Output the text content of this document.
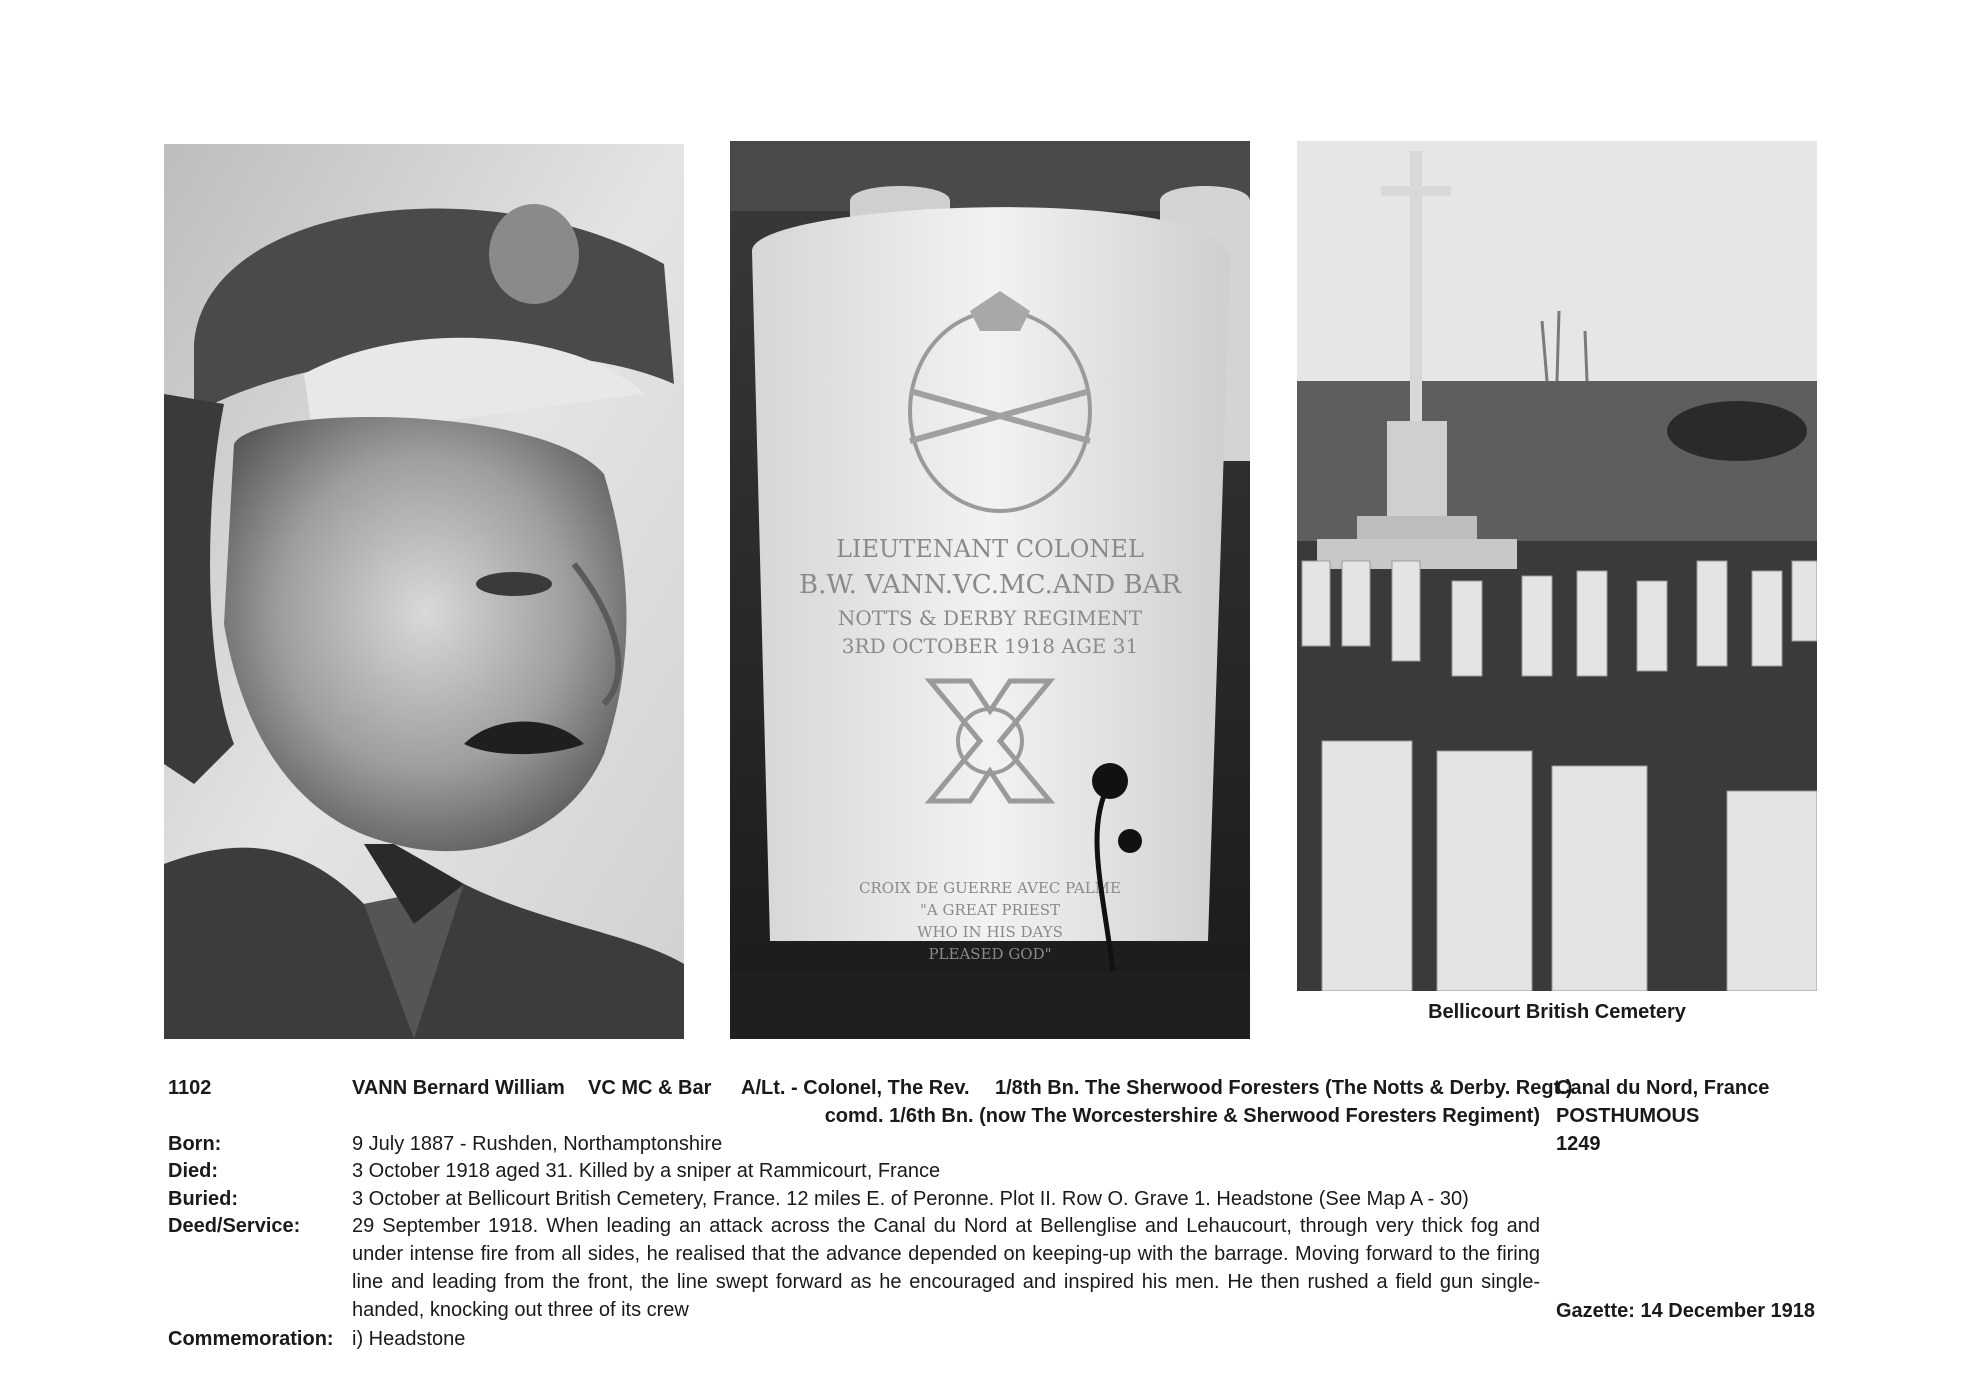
LIEUTENANT COLONEL
B.W. VANN.VC.MC.AND BAR
NOTTS & DERBY REGIMENT
3RD OCTOBER 1918 AGE 31
CROIX DE GUERRE AVEC PALME
"A GREAT PRIEST
WHO IN HIS DAYS
PLEASED GOD"
Bellicourt British Cemetery
1102	VANN Bernard William VC MC & Bar A/Lt. - Colonel, The Rev. 1/8th Bn. The Sherwood Foresters (The Notts & Derby. Regt.)
comd. 1/6th Bn. (now The Worcestershire & Sherwood Foresters Regiment)
Canal du Nord, France
POSTHUMOUS
1249
Born:
Died:
Buried:
Deed/Service:
Commemoration:
9 July 1887 - Rushden, Northamptonshire
3 October 1918 aged 31. Killed by a sniper at Rammicourt, France
3 October at Bellicourt British Cemetery, France. 12 miles E. of Peronne. Plot II. Row O. Grave 1. Headstone (See Map A - 30)
29 September 1918. When leading an attack across the Canal du Nord at Bellenglise and Lehaucourt, through very thick fog and under intense fire from all sides, he realised that the advance depended on keeping-up with the barrage. Moving forward to the firing line and leading from the front, the line swept forward as he encouraged and inspired his men. He then rushed a field gun single-handed, knocking out three of its crew	Gazette: 14 December 1918
i) Headstone
